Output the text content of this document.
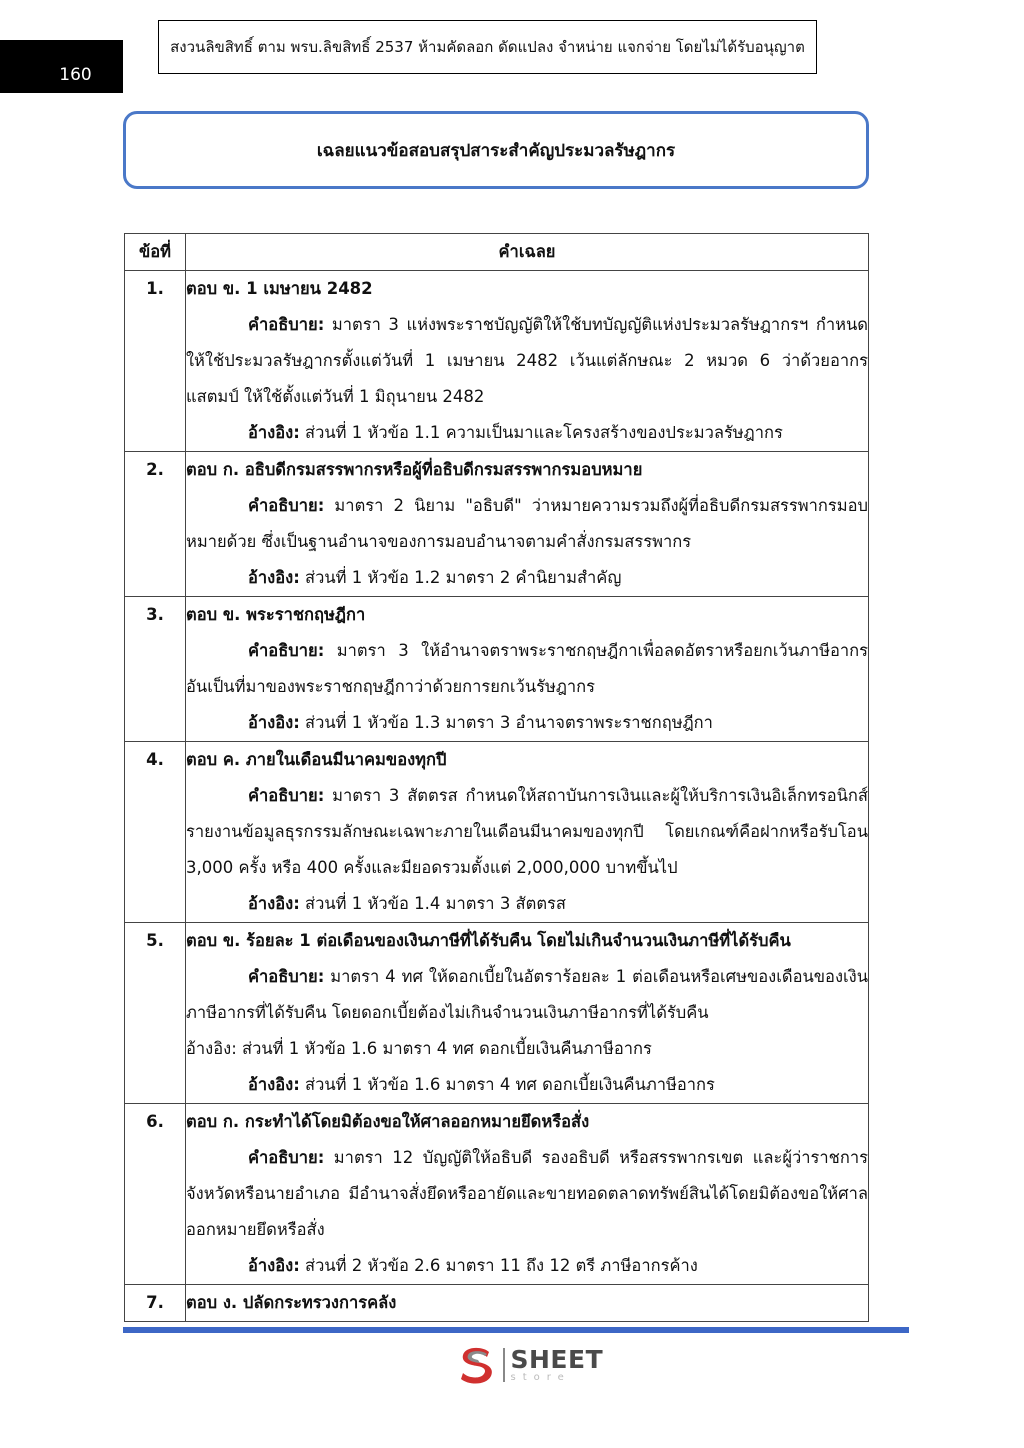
160
สงวนลิขสิทธิ์ ตาม พรบ.ลิขสิทธิ์ 2537 ห้ามคัดลอก ดัดแปลง จำหน่าย แจกจ่าย โดยไม่ได้รับอนุญาต
เฉลยแนวข้อสอบสรุปสาระสำคัญประมวลรัษฎากร
ข้อที่	คำเฉลย
1.	ตอบ ข. 1 เมษายน 2482
คำอธิบาย: มาตรา 3 แห่งพระราชบัญญัติให้ใช้บทบัญญัติแห่งประมวลรัษฎากรฯ กำหนดให้ใช้ประมวลรัษฎากรตั้งแต่วันที่ 1 เมษายน 2482 เว้นแต่ลักษณะ 2 หมวด 6 ว่าด้วยอากรแสตมป์ ให้ใช้ตั้งแต่วันที่ 1 มิถุนายน 2482
อ้างอิง: ส่วนที่ 1 หัวข้อ 1.1 ความเป็นมาและโครงสร้างของประมวลรัษฎากร

2.	ตอบ ก. อธิบดีกรมสรรพากรหรือผู้ที่อธิบดีกรมสรรพากรมอบหมาย
คำอธิบาย: มาตรา 2 นิยาม "อธิบดี" ว่าหมายความรวมถึงผู้ที่อธิบดีกรมสรรพากรมอบหมายด้วย ซึ่งเป็นฐานอำนาจของการมอบอำนาจตามคำสั่งกรมสรรพากร
อ้างอิง: ส่วนที่ 1 หัวข้อ 1.2 มาตรา 2 คำนิยามสำคัญ

3.	ตอบ ข. พระราชกฤษฎีกา
คำอธิบาย: มาตรา 3 ให้อำนาจตราพระราชกฤษฎีกาเพื่อลดอัตราหรือยกเว้นภาษีอากร อันเป็นที่มาของพระราชกฤษฎีกาว่าด้วยการยกเว้นรัษฎากร
อ้างอิง: ส่วนที่ 1 หัวข้อ 1.3 มาตรา 3 อำนาจตราพระราชกฤษฎีกา

4.	ตอบ ค. ภายในเดือนมีนาคมของทุกปี
คำอธิบาย: มาตรา 3 สัตตรส กำหนดให้สถาบันการเงินและผู้ให้บริการเงินอิเล็กทรอนิกส์รายงานข้อมูลธุรกรรมลักษณะเฉพาะภายในเดือนมีนาคมของทุกปี โดยเกณฑ์คือฝากหรือรับโอน 3,000 ครั้ง หรือ 400 ครั้งและมียอดรวมตั้งแต่ 2,000,000 บาทขึ้นไป
อ้างอิง: ส่วนที่ 1 หัวข้อ 1.4 มาตรา 3 สัตตรส

5.	ตอบ ข. ร้อยละ 1 ต่อเดือนของเงินภาษีที่ได้รับคืน โดยไม่เกินจำนวนเงินภาษีที่ได้รับคืน
คำอธิบาย: มาตรา 4 ทศ ให้ดอกเบี้ยในอัตราร้อยละ 1 ต่อเดือนหรือเศษของเดือนของเงินภาษีอากรที่ได้รับคืน โดยดอกเบี้ยต้องไม่เกินจำนวนเงินภาษีอากรที่ได้รับคืน
อ้างอิง: ส่วนที่ 1 หัวข้อ 1.6 มาตรา 4 ทศ ดอกเบี้ยเงินคืนภาษีอากร
อ้างอิง: ส่วนที่ 1 หัวข้อ 1.6 มาตรา 4 ทศ ดอกเบี้ยเงินคืนภาษีอากร

6.	ตอบ ก. กระทำได้โดยมิต้องขอให้ศาลออกหมายยึดหรือสั่ง
คำอธิบาย: มาตรา 12 บัญญัติให้อธิบดี รองอธิบดี หรือสรรพากรเขต และผู้ว่าราชการจังหวัดหรือนายอำเภอ มีอำนาจสั่งยึดหรืออายัดและขายทอดตลาดทรัพย์สินได้โดยมิต้องขอให้ศาลออกหมายยึดหรือสั่ง
อ้างอิง: ส่วนที่ 2 หัวข้อ 2.6 มาตรา 11 ถึง 12 ตรี ภาษีอากรค้าง

7.	ตอบ ง. ปลัดกระทรวงการคลัง
SHEET
store
